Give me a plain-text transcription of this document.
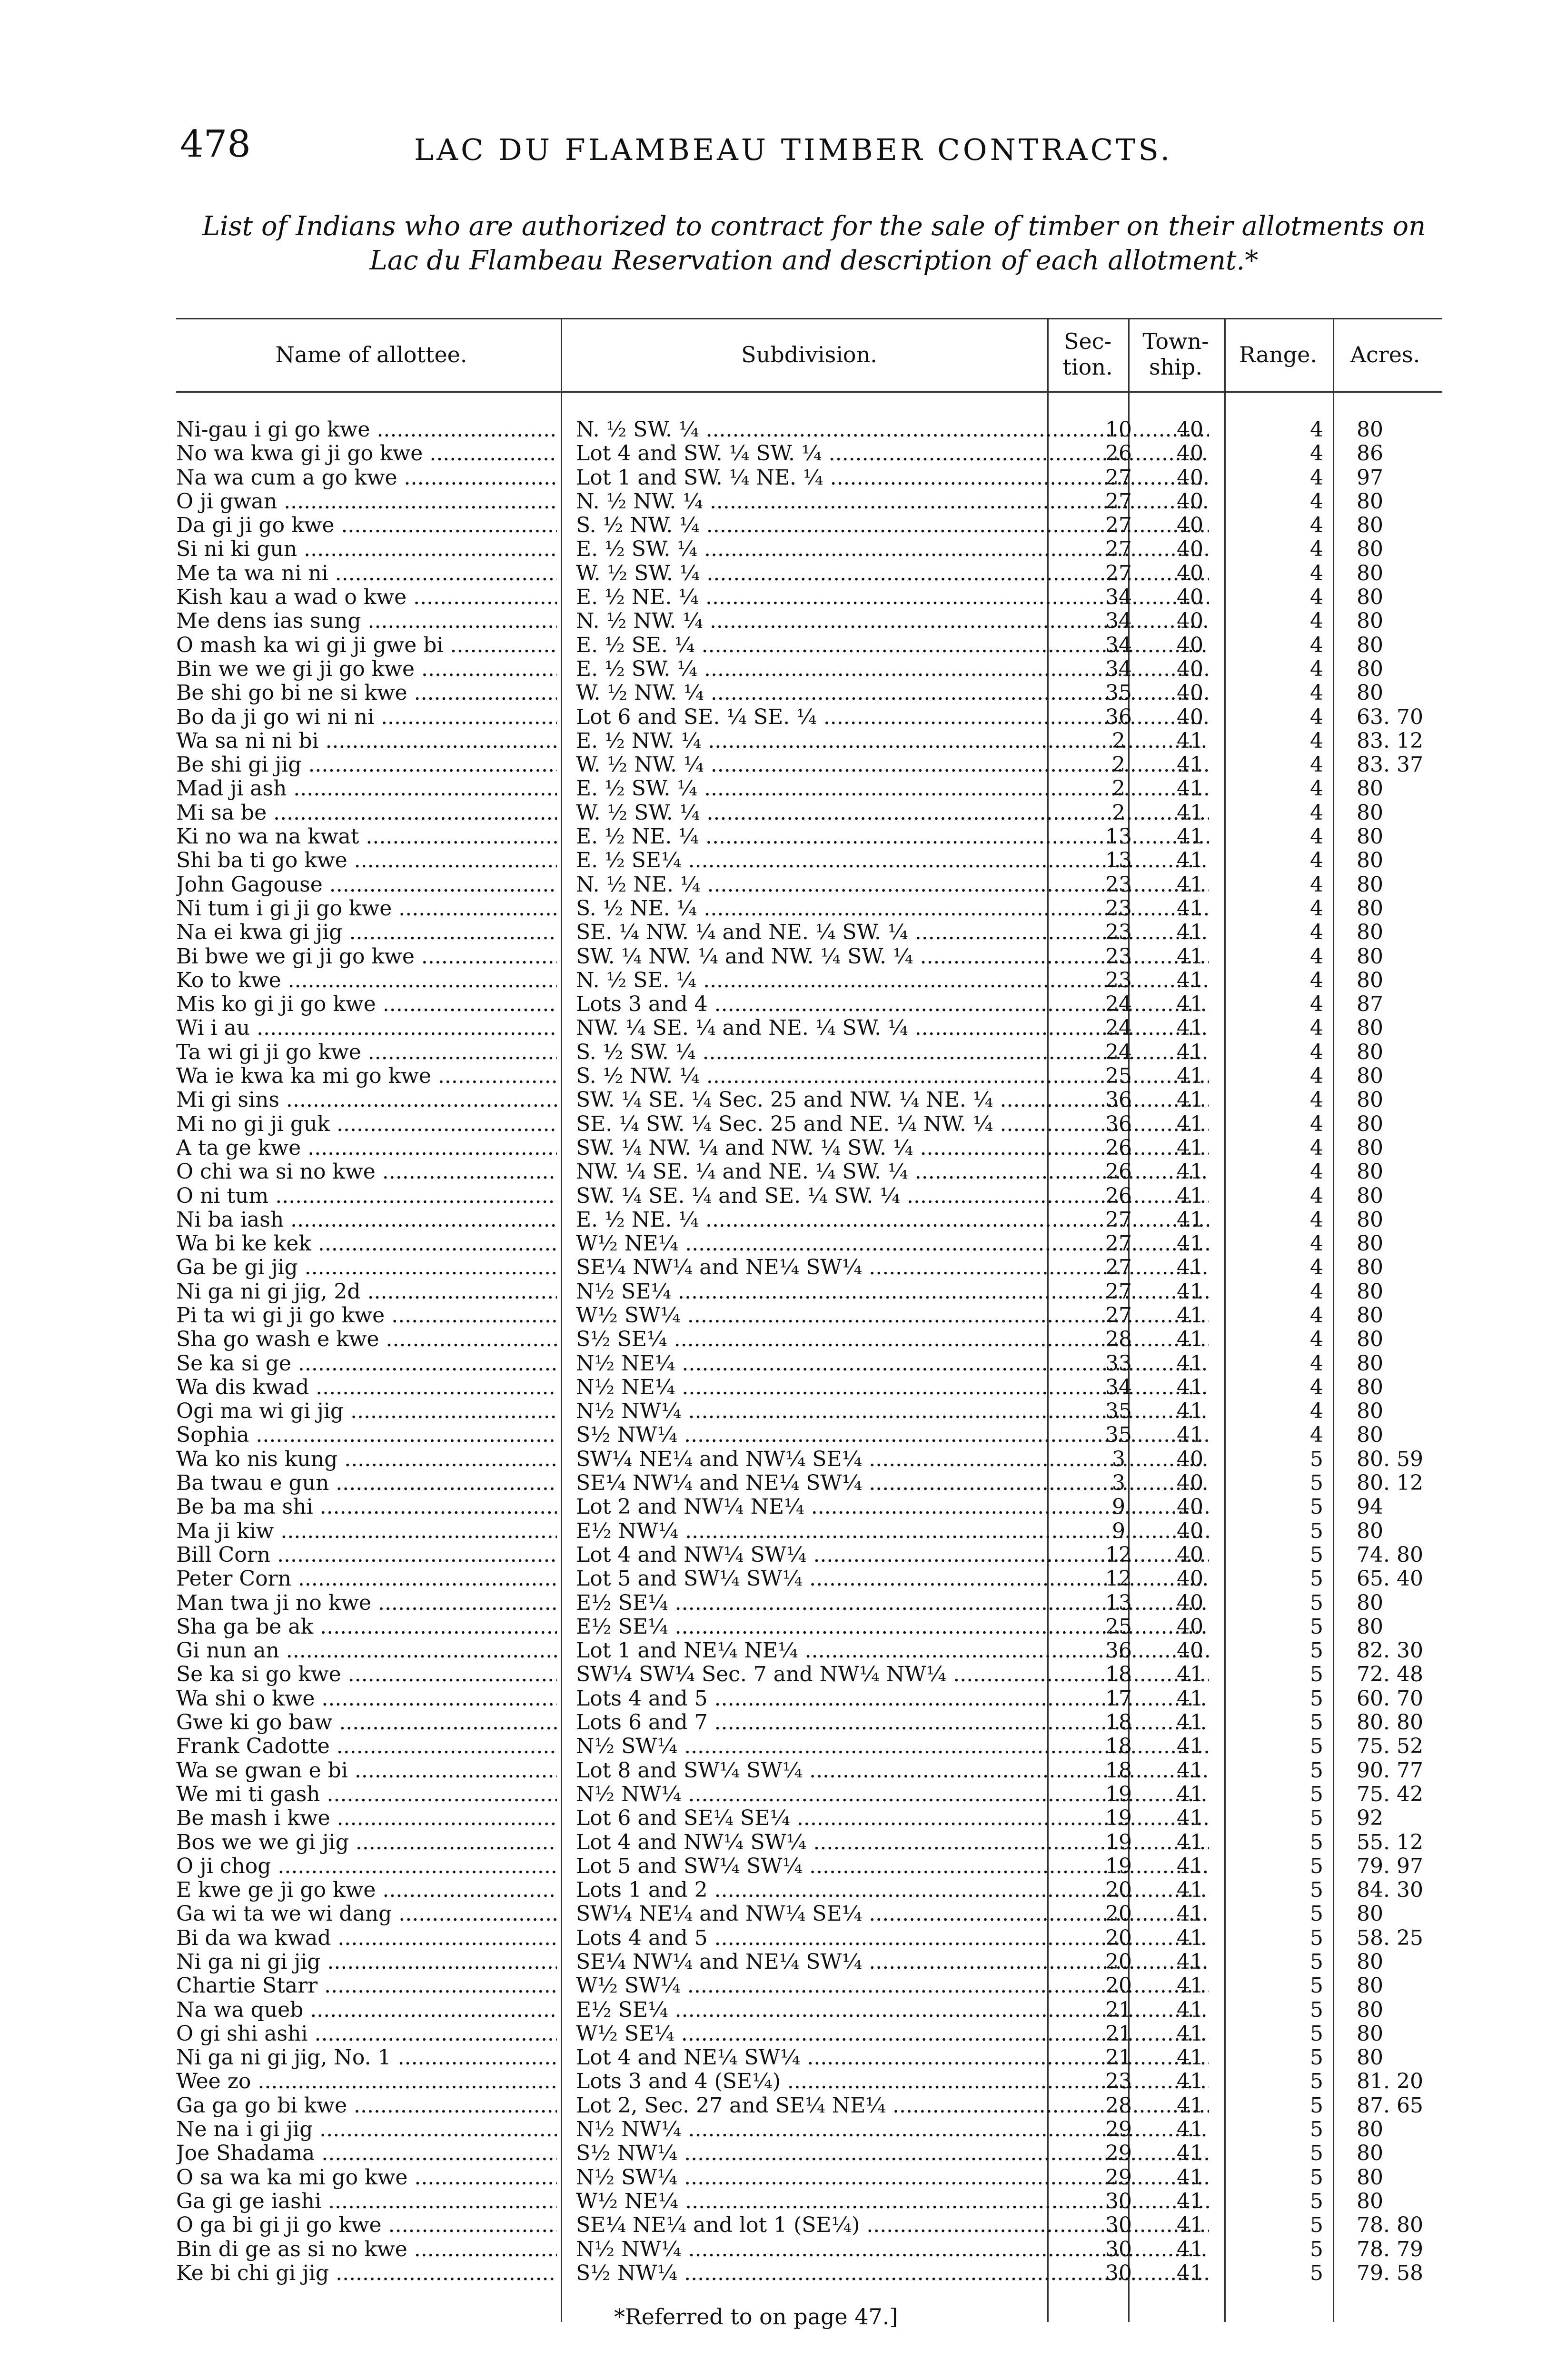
478	LAC DU FLAMBEAU TIMBER CONTRACTS.
List of Indians who are authorized to contract for the sale of timber on their allotments on Lac du Flambeau Reservation and description of each allotment.*
Name of allottee.	Subdivision.
Sec-tion.
Town-ship.	Range.	Acres.
Ni-gau i gi go kwe .....	N. ½ SW. ¼ .....	10	40	4 80
No wa kwa gi ji go kwe .....	Lot 4 and SW. ¼ SW. ¼ .....	26	40	4 86
Na wa cum a go kwe .....	Lot 1 and SW. ¼ NE. ¼ .....	27	40	4 97
O ji gwan .....	N. ½ NW. ¼ .....	27	40	4 80
Da gi ji go kwe .....	S. ½ NW. ¼ .....	27	40	4 80
Si ni ki gun .....	E. ½ SW. ¼ .....	27	40	4 80
Me ta wa ni ni .....	W. ½ SW. ¼ .....	27	40	4 80
Kish kau a wad o kwe .....	E. ½ NE. ¼ .....	34	40	4 80
Me dens ias sung .....	N. ½ NW. ¼ .....	34	40	4 80
O mash ka wi gi ji gwe bi .....	E. ½ SE. ¼ .....	34	40	4 80
Bin we we gi ji go kwe .....	E. ½ SW. ¼ .....	34	40	4 80
Be shi go bi ne si kwe .....	W. ½ NW. ¼ .....	35	40	4 80
Bo da ji go wi ni ni .....	Lot 6 and SE. ¼ SE. ¼ .....	36	40	4 63. 70
Wa sa ni ni bi .....	E. ½ NW. ¼ .....	2	41	4 83. 12
Be shi gi jig .....	W. ½ NW. ¼ .....	2	41	4 83. 37
Mad ji ash .....	E. ½ SW. ¼ .....	2	41	4 80
Mi sa be .....	W. ½ SW. ¼ .....	2	41	4 80
Ki no wa na kwat .....	E. ½ NE. ¼ .....	13	41	4 80
Shi ba ti go kwe .....	E. ½ SE¼ .....	13	41	4 80
John Gagouse .....	N. ½ NE. ¼ .....	23	41	4 80
Ni tum i gi ji go kwe .....	S. ½ NE. ¼ .....	23	41	4 80
Na ei kwa gi jig .....	SE. ¼ NW. ¼ and NE. ¼ SW. ¼ .....	23	41	4 80
Bi bwe we gi ji go kwe .....	SW. ¼ NW. ¼ and NW. ¼ SW. ¼ .....	23	41	4 80
Ko to kwe .....	N. ½ SE. ¼ .....	23	41	4 80
Mis ko gi ji go kwe .....	Lots 3 and 4 .....	24	41	4 87
Wi i au .....	NW. ¼ SE. ¼ and NE. ¼ SW. ¼ .....	24	41	4 80
Ta wi gi ji go kwe .....	S. ½ SW. ¼ .....	24	41	4 80
Wa ie kwa ka mi go kwe .....	S. ½ NW. ¼ .....	25	41	4 80
Mi gi sins .....	SW. ¼ SE. ¼ Sec. 25 and NW. ¼ NE. ¼ .....	36	41	4 80
Mi no gi ji guk .....	SE. ¼ SW. ¼ Sec. 25 and NE. ¼ NW. ¼ .....	36	41	4 80
A ta ge kwe .....	SW. ¼ NW. ¼ and NW. ¼ SW. ¼ .....	26	41	4 80
O chi wa si no kwe .....	NW. ¼ SE. ¼ and NE. ¼ SW. ¼ .....	26	41	4 80
O ni tum .....	SW. ¼ SE. ¼ and SE. ¼ SW. ¼ .....	26	41	4 80
Ni ba iash .....	E. ½ NE. ¼ .....	27	41	4 80
Wa bi ke kek .....	W½ NE¼ .....	27	41	4 80
Ga be gi jig .....	SE¼ NW¼ and NE¼ SW¼ .....	27	41	4 80
Ni ga ni gi jig, 2d .....	N½ SE¼ .....	27	41	4 80
Pi ta wi gi ji go kwe .....	W½ SW¼ .....	27	41	4 80
Sha go wash e kwe .....	S½ SE¼ .....	28	41	4 80
Se ka si ge .....	N½ NE¼ .....	33	41	4 80
Wa dis kwad .....	N½ NE¼ .....	34	41	4 80
Ogi ma wi gi jig .....	N½ NW¼ .....	35	41	4 80
Sophia .....	S½ NW¼ .....	35	41	4 80
Wa ko nis kung .....	SW¼ NE¼ and NW¼ SE¼ .....	3	40	5 80. 59
Ba twau e gun .....	SE¼ NW¼ and NE¼ SW¼ .....	3	40	5 80. 12
Be ba ma shi .....	Lot 2 and NW¼ NE¼ .....	9	40	5 94
Ma ji kiw .....	E½ NW¼ .....	9	40	5 80
Bill Corn .....	Lot 4 and NW¼ SW¼ .....	12	40	5 74. 80
Peter Corn .....	Lot 5 and SW¼ SW¼ .....	12	40	5 65. 40
Man twa ji no kwe .....	E½ SE¼ .....	13	40	5 80
Sha ga be ak .....	E½ SE¼ .....	25	40	5 80
Gi nun an .....	Lot 1 and NE¼ NE¼ .....	36	40	5 82. 30
Se ka si go kwe .....	SW¼ SW¼ Sec. 7 and NW¼ NW¼ .....	18	41	5 72. 48
Wa shi o kwe .....	Lots 4 and 5 .....	17	41	5 60. 70
Gwe ki go baw .....	Lots 6 and 7 .....	18	41	5 80. 80
Frank Cadotte .....	N½ SW¼ .....	18	41	5 75. 52
Wa se gwan e bi .....	Lot 8 and SW¼ SW¼ .....	18	41	5 90. 77
We mi ti gash .....	N½ NW¼ .....	19	41	5 75. 42
Be mash i kwe .....	Lot 6 and SE¼ SE¼ .....	19	41	5 92
Bos we we gi jig .....	Lot 4 and NW¼ SW¼ .....	19	41	5 55. 12
O ji chog .....	Lot 5 and SW¼ SW¼ .....	19	41	5 79. 97
E kwe ge ji go kwe .....	Lots 1 and 2 .....	20	41	5 84. 30
Ga wi ta we wi dang .....	SW¼ NE¼ and NW¼ SE¼ .....	20	41	5 80
Bi da wa kwad .....	Lots 4 and 5 .....	20	41	5 58. 25
Ni ga ni gi jig .....	SE¼ NW¼ and NE¼ SW¼ .....	20	41	5 80
Chartie Starr .....	W½ SW¼ .....	20	41	5 80
Na wa queb .....	E½ SE¼ .....	21	41	5 80
O gi shi ashi .....	W½ SE¼ .....	21	41	5 80
Ni ga ni gi jig, No. 1 .....	Lot 4 and NE¼ SW¼ .....	21	41	5 80
Wee zo .....	Lots 3 and 4 (SE¼) .....	23	41	5 81. 20
Ga ga go bi kwe .....	Lot 2, Sec. 27 and SE¼ NE¼ .....	28	41	5 87. 65
Ne na i gi jig .....	N½ NW¼ .....	29	41	5 80
Joe Shadama .....	S½ NW¼ .....	29	41	5 80
O sa wa ka mi go kwe .....	N½ SW¼ .....	29	41	5 80
Ga gi ge iashi .....	W½ NE¼ .....	30	41	5 80
O ga bi gi ji go kwe .....	SE¼ NE¼ and lot 1 (SE¼) .....	30	41	5 78. 80
Bin di ge as si no kwe .....	N½ NW¼ .....	30	41	5 78. 79
Ke bi chi gi jig .....	S½ NW¼ .....	30	41	5 79. 58
*Referred to on page 47.]
